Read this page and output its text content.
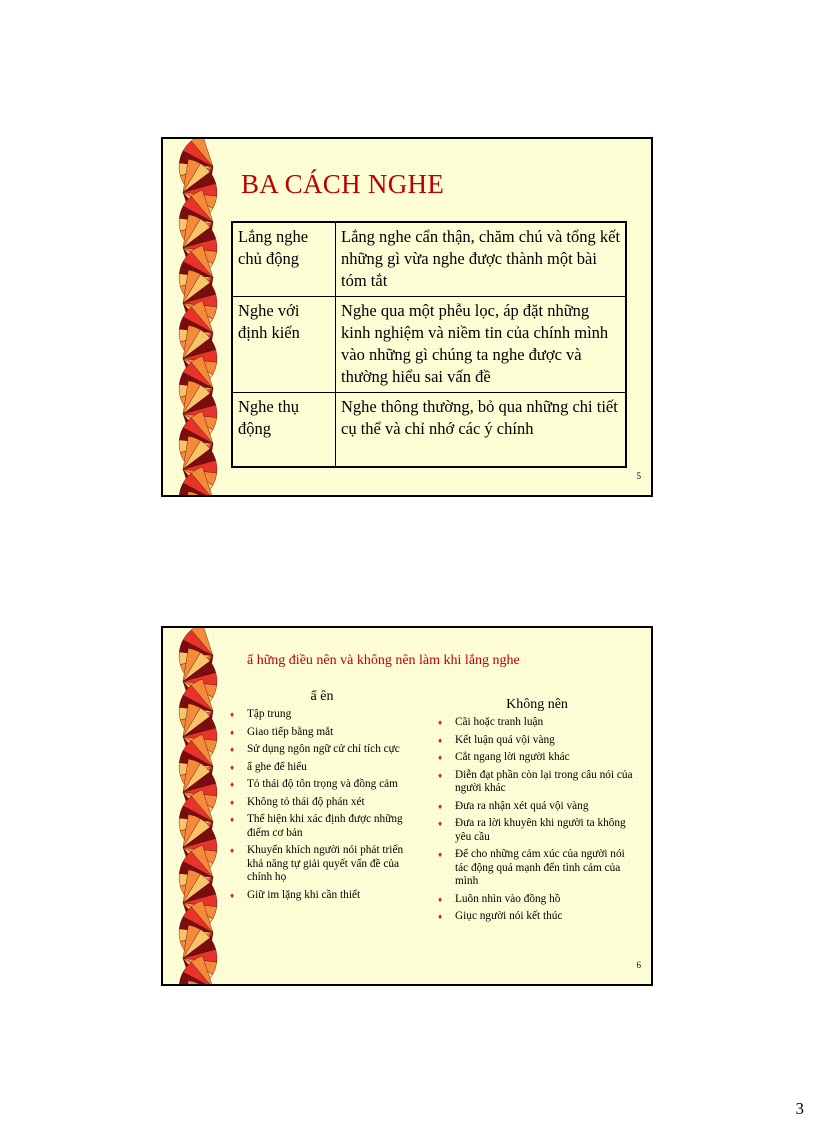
BA CÁCH NGHE
Lắng nghe chủ động	Lắng nghe cẩn thận, chăm chú và tổng kết những gì vừa nghe được thành một bài tóm tắt
Nghe với định kiến	Nghe qua một phễu lọc, áp đặt những kinh nghiệm và niềm tin của chính mình vào những gì chúng ta nghe được và thường hiểu sai vấn đề
Nghe thụ động	Nghe thông thường, bỏ qua những chi tiết cụ thể và chỉ nhớ các ý chính
5
ẩ hững điều nên và không nên làm khi lắng nghe
ẩ ên
♦ Tập trung
♦ Giao tiếp bằng mắt
♦ Sử dụng ngôn ngữ cử chỉ tích cực
♦ ẩ ghe để hiểu
♦ Tỏ thái độ tôn trọng và đồng cảm
♦ Không tỏ thái độ phán xét
♦ Thể hiện khi xác định được những điểm cơ bản
♦ Khuyến khích người nói phát triển khả năng tự giải quyết vấn đề của chính họ
♦ Giữ im lặng khi cần thiết
Không nên
♦ Cãi hoặc tranh luận
♦ Kết luận quá vội vàng
♦ Cắt ngang lời người khác
♦ Diễn đạt phần còn lại trong câu nói của người khác
♦ Đưa ra nhận xét quá vội vàng
♦ Đưa ra lời khuyên khi người ta không yêu cầu
♦ Để cho những cảm xúc của người nói tác động quá mạnh đến tình cảm của mình
♦ Luôn nhìn vào đồng hồ
♦ Giục người nói kết thúc
6
3
